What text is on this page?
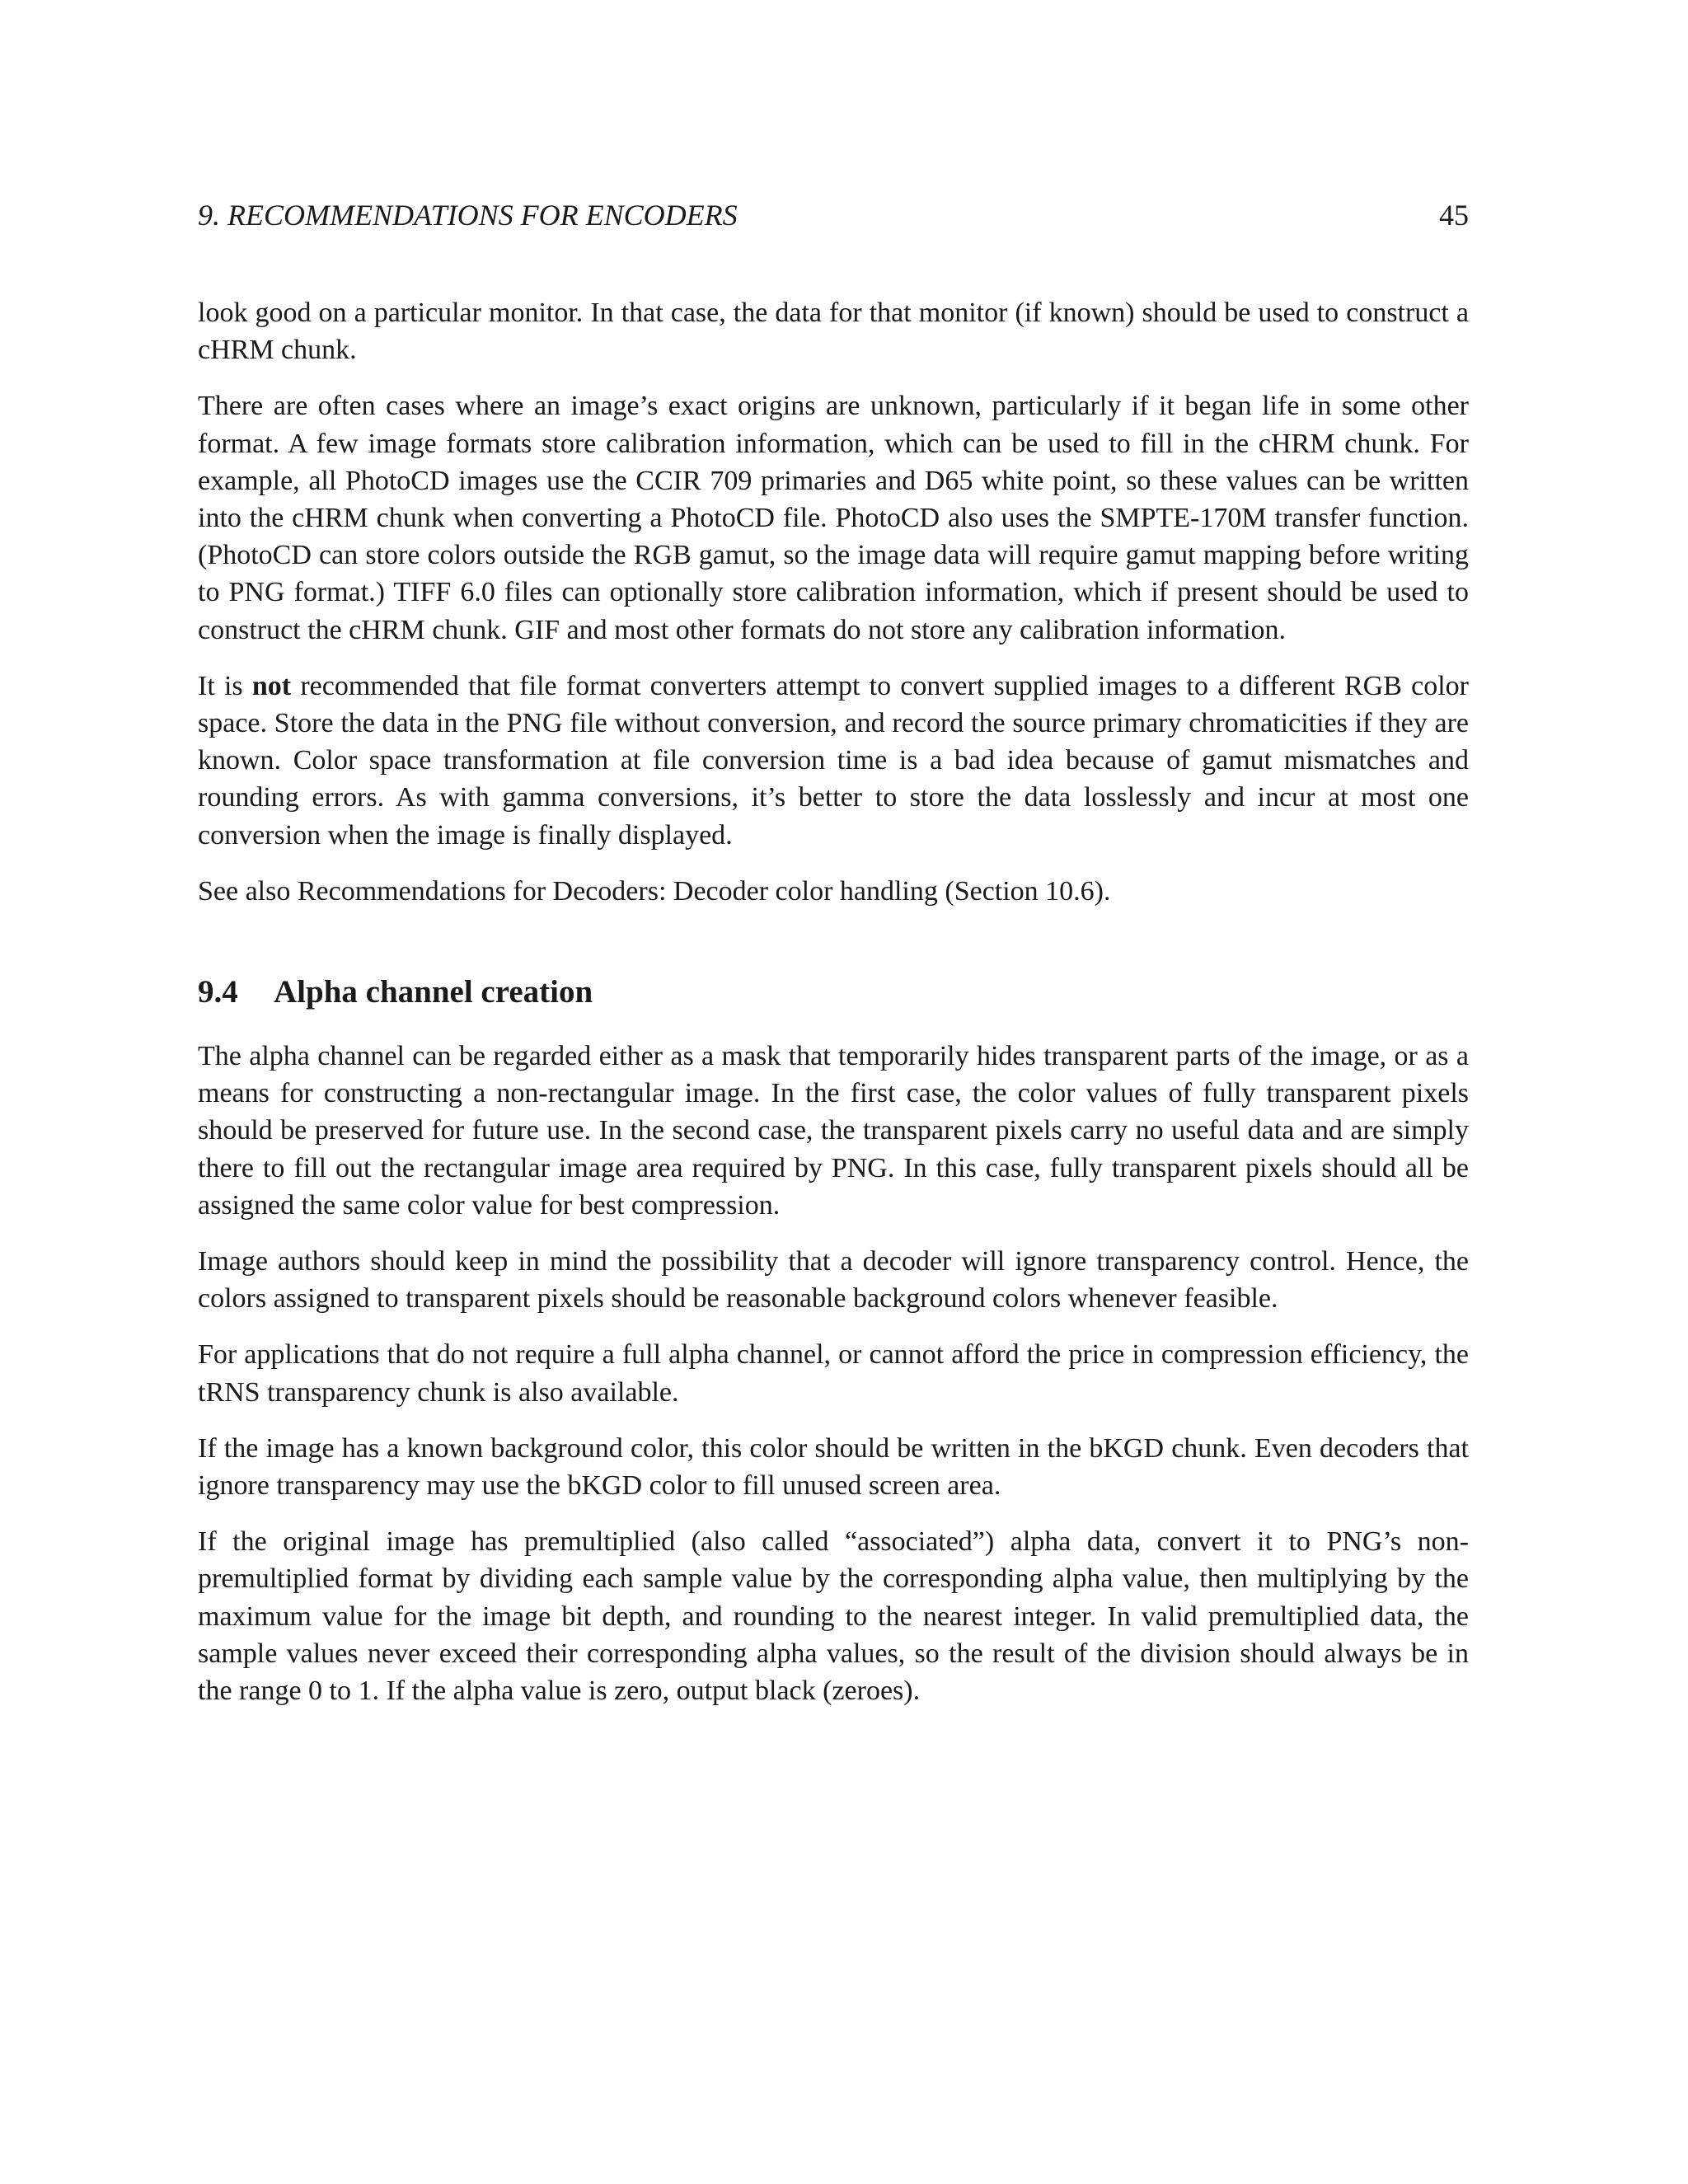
9. RECOMMENDATIONS FOR ENCODERS	45

look good on a particular monitor. In that case, the data for that monitor (if known) should be used to construct a cHRM chunk.

There are often cases where an image’s exact origins are unknown, particularly if it began life in some other format. A few image formats store calibration information, which can be used to fill in the cHRM chunk. For example, all PhotoCD images use the CCIR 709 primaries and D65 white point, so these values can be written into the cHRM chunk when converting a PhotoCD file. PhotoCD also uses the SMPTE-170M transfer function. (PhotoCD can store colors outside the RGB gamut, so the image data will require gamut mapping before writing to PNG format.) TIFF 6.0 files can optionally store calibration information, which if present should be used to construct the cHRM chunk. GIF and most other formats do not store any calibration information.

It is not recommended that file format converters attempt to convert supplied images to a different RGB color space. Store the data in the PNG file without conversion, and record the source primary chromaticities if they are known. Color space transformation at file conversion time is a bad idea because of gamut mismatches and rounding errors. As with gamma conversions, it’s better to store the data losslessly and incur at most one conversion when the image is finally displayed.

See also Recommendations for Decoders: Decoder color handling (Section 10.6).

9.4 Alpha channel creation

The alpha channel can be regarded either as a mask that temporarily hides transparent parts of the image, or as a means for constructing a non-rectangular image. In the first case, the color values of fully transparent pixels should be preserved for future use. In the second case, the transparent pixels carry no useful data and are simply there to fill out the rectangular image area required by PNG. In this case, fully transparent pixels should all be assigned the same color value for best compression.

Image authors should keep in mind the possibility that a decoder will ignore transparency control. Hence, the colors assigned to transparent pixels should be reasonable background colors whenever feasible.

For applications that do not require a full alpha channel, or cannot afford the price in compression efficiency, the tRNS transparency chunk is also available.

If the image has a known background color, this color should be written in the bKGD chunk. Even decoders that ignore transparency may use the bKGD color to fill unused screen area.

If the original image has premultiplied (also called “associated”) alpha data, convert it to PNG’s nonpremultiplied format by dividing each sample value by the corresponding alpha value, then multiplying by the maximum value for the image bit depth, and rounding to the nearest integer. In valid premultiplied data, the sample values never exceed their corresponding alpha values, so the result of the division should always be in the range 0 to 1. If the alpha value is zero, output black (zeroes).
